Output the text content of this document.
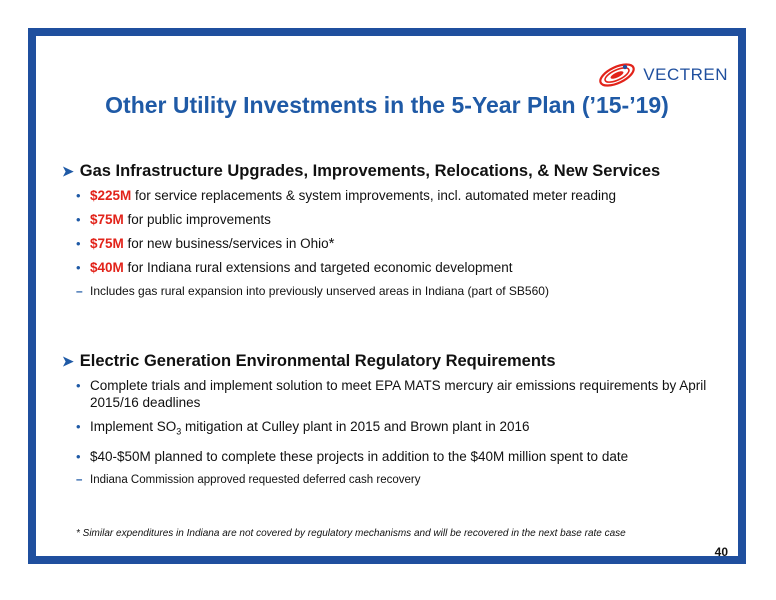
VECTREN
Other Utility Investments in the 5-Year Plan (’15-’19)
➤ Gas Infrastructure Upgrades, Improvements, Relocations, & New Services
• $225M for service replacements & system improvements, incl. automated meter reading
• $75M for public improvements
• $75M for new business/services in Ohio*
• $40M for Indiana rural extensions and targeted economic development
– Includes gas rural expansion into previously unserved areas in Indiana (part of SB560)
➤ Electric Generation Environmental Regulatory Requirements
• Complete trials and implement solution to meet EPA MATS mercury air emissions requirements by April 2015/16 deadlines
• Implement $SO_3$ mitigation at Culley plant in 2015 and Brown plant in 2016
• $40-$50M planned to complete these projects in addition to the $40M million spent to date
– Indiana Commission approved requested deferred cash recovery
* Similar expenditures in Indiana are not covered by regulatory mechanisms and will be recovered in the next base rate case
40
